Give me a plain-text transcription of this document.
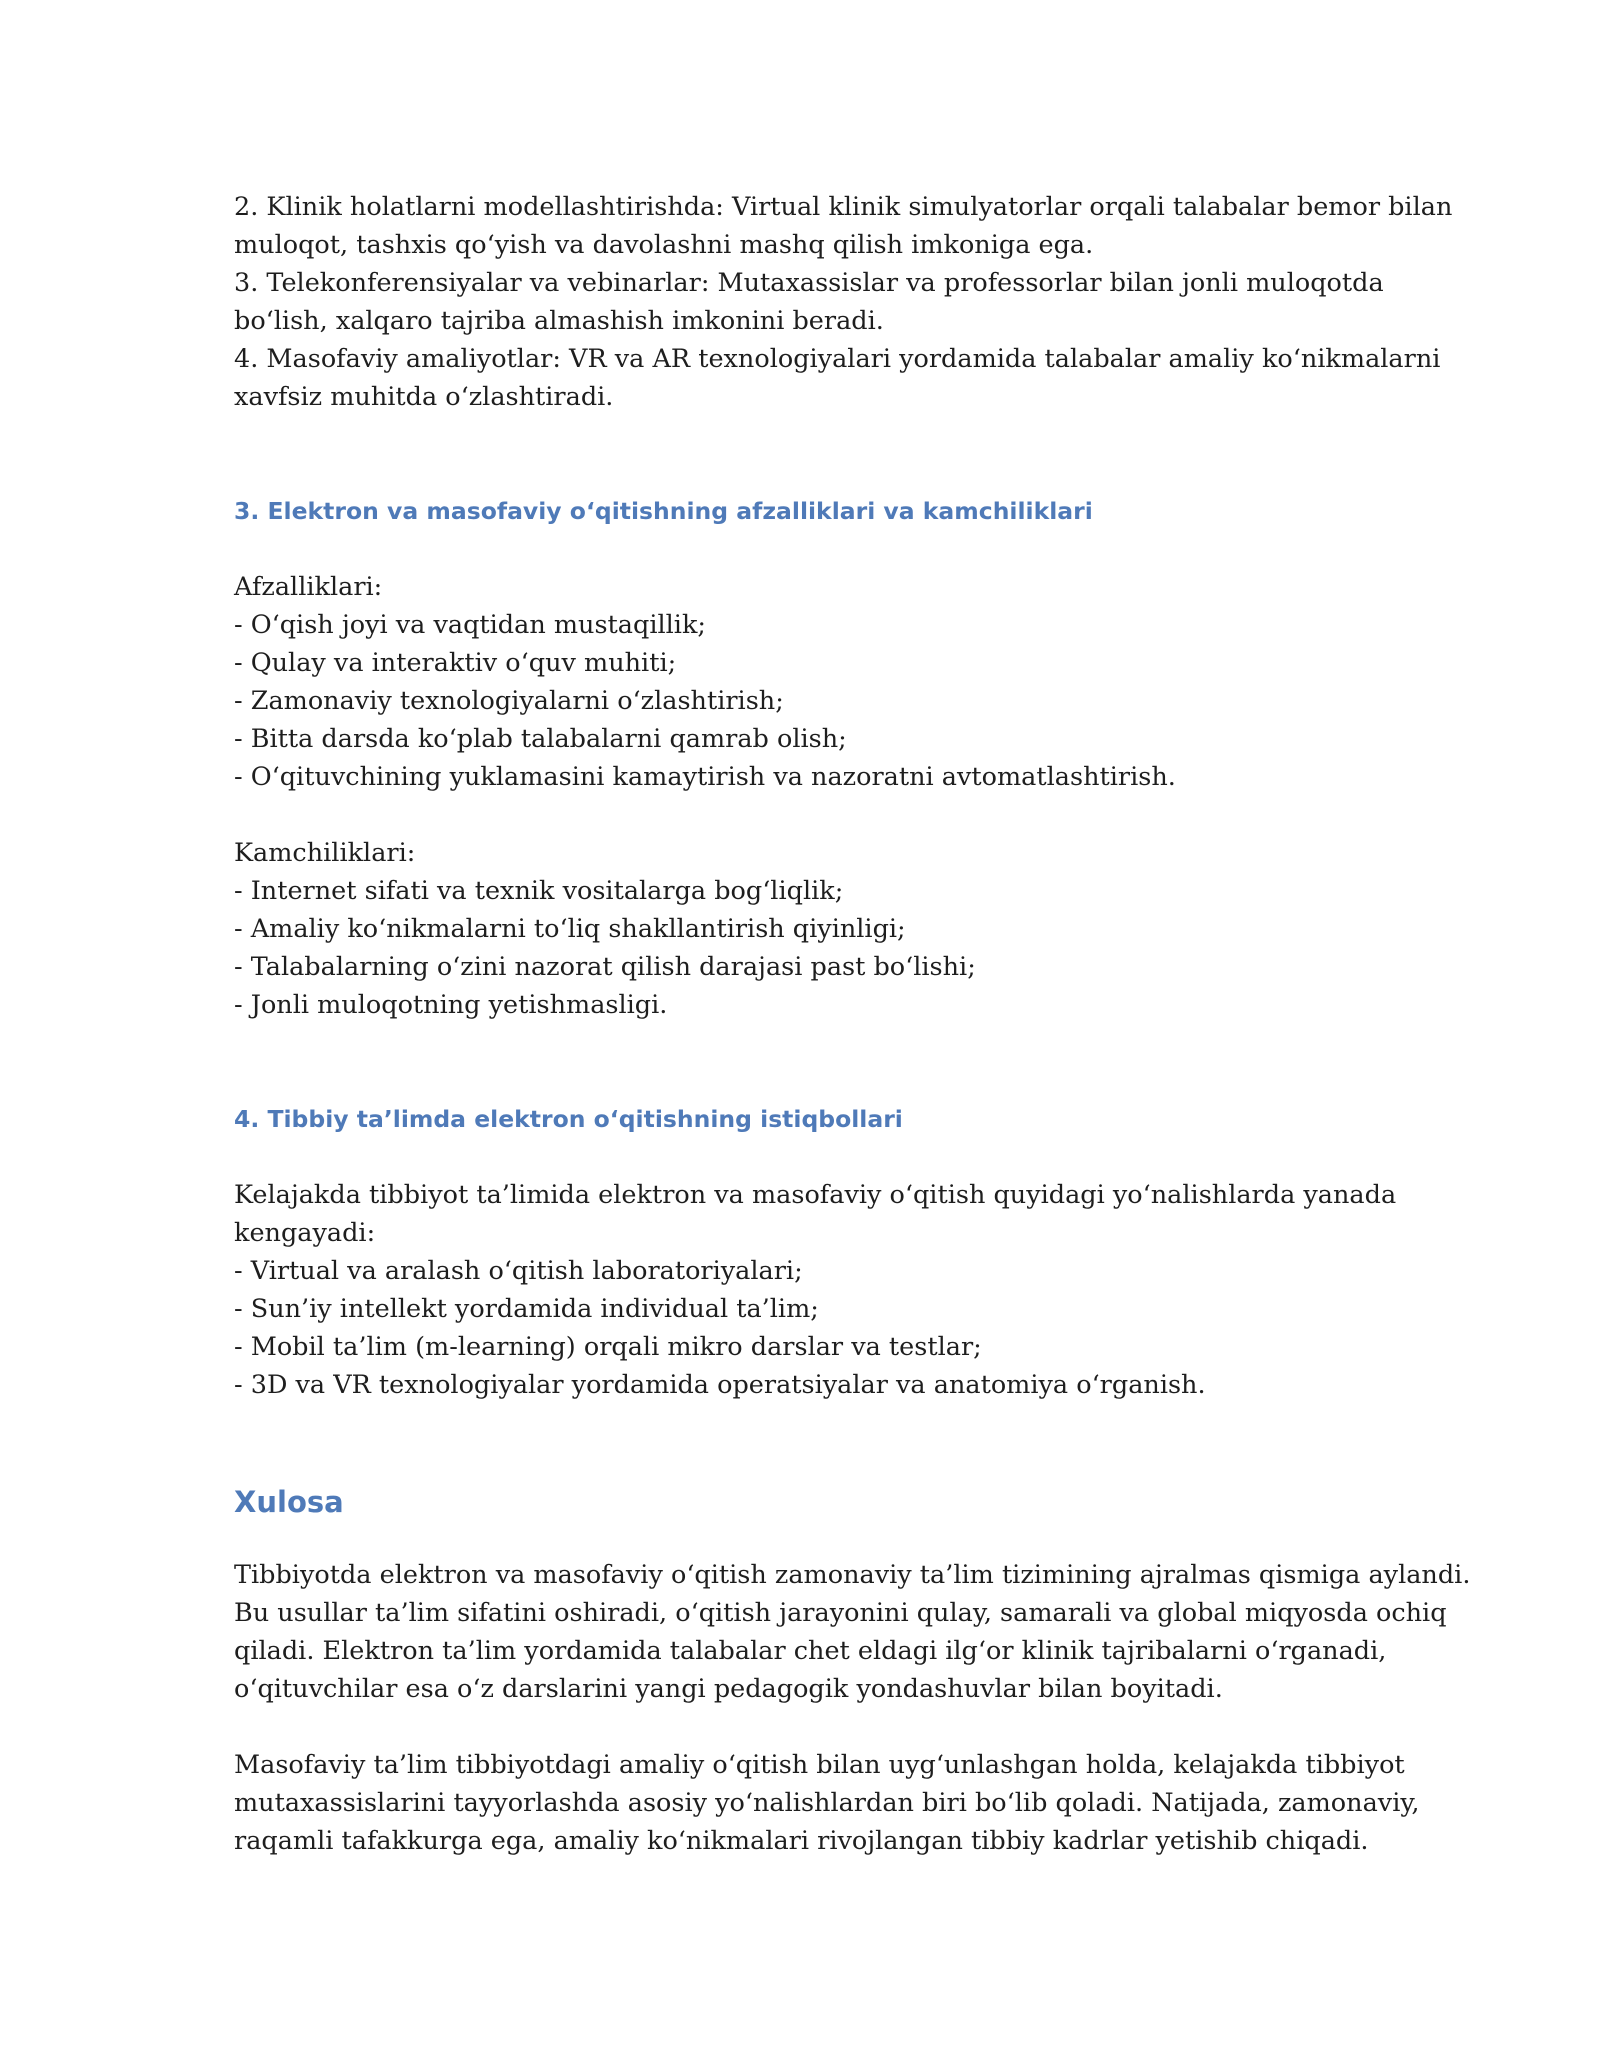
2. Klinik holatlarni modellashtirishda: Virtual klinik simulyatorlar orqali talabalar bemor bilan
muloqot, tashxis qo‘yish va davolashni mashq qilish imkoniga ega.
3. Telekonferensiyalar va vebinarlar: Mutaxassislar va professorlar bilan jonli muloqotda
bo‘lish, xalqaro tajriba almashish imkonini beradi.
4. Masofaviy amaliyotlar: VR va AR texnologiyalari yordamida talabalar amaliy ko‘nikmalarni
xavfsiz muhitda o‘zlashtiradi.
3. Elektron va masofaviy o‘qitishning afzalliklari va kamchiliklari
Afzalliklari:
- O‘qish joyi va vaqtidan mustaqillik;
- Qulay va interaktiv o‘quv muhiti;
- Zamonaviy texnologiyalarni o‘zlashtirish;
- Bitta darsda ko‘plab talabalarni qamrab olish;
- O‘qituvchining yuklamasini kamaytirish va nazoratni avtomatlashtirish.
Kamchiliklari:
- Internet sifati va texnik vositalarga bog‘liqlik;
- Amaliy ko‘nikmalarni to‘liq shakllantirish qiyinligi;
- Talabalarning o‘zini nazorat qilish darajasi past bo‘lishi;
- Jonli muloqotning yetishmasligi.
4. Tibbiy ta’limda elektron o‘qitishning istiqbollari
Kelajakda tibbiyot ta’limida elektron va masofaviy o‘qitish quyidagi yo‘nalishlarda yanada
kengayadi:
- Virtual va aralash o‘qitish laboratoriyalari;
- Sun’iy intellekt yordamida individual ta’lim;
- Mobil ta’lim (m-learning) orqali mikro darslar va testlar;
- 3D va VR texnologiyalar yordamida operatsiyalar va anatomiya o‘rganish.
Xulosa
Tibbiyotda elektron va masofaviy o‘qitish zamonaviy ta’lim tizimining ajralmas qismiga aylandi.
Bu usullar ta’lim sifatini oshiradi, o‘qitish jarayonini qulay, samarali va global miqyosda ochiq
qiladi. Elektron ta’lim yordamida talabalar chet eldagi ilg‘or klinik tajribalarni o‘rganadi,
o‘qituvchilar esa o‘z darslarini yangi pedagogik yondashuvlar bilan boyitadi.
Masofaviy ta’lim tibbiyotdagi amaliy o‘qitish bilan uyg‘unlashgan holda, kelajakda tibbiyot
mutaxassislarini tayyorlashda asosiy yo‘nalishlardan biri bo‘lib qoladi. Natijada, zamonaviy,
raqamli tafakkurga ega, amaliy ko‘nikmalari rivojlangan tibbiy kadrlar yetishib chiqadi.
